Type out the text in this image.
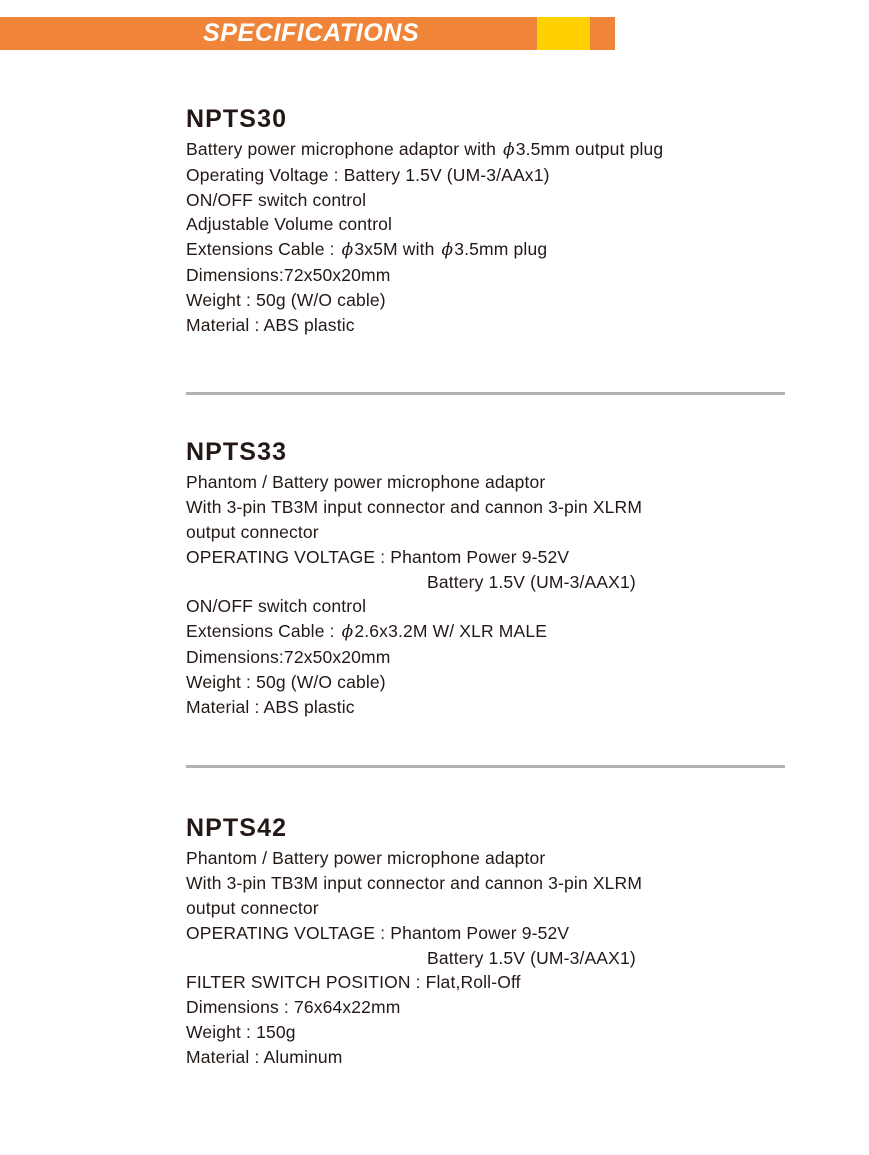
SPECIFICATIONS
NPTS30
Battery power microphone adaptor with ϕ3.5mm output plug
Operating Voltage : Battery 1.5V (UM-3/AAx1)
ON/OFF switch control
Adjustable Volume control
Extensions Cable : ϕ3x5M with ϕ3.5mm plug
Dimensions:72x50x20mm
Weight : 50g (W/O cable)
Material : ABS plastic
NPTS33
Phantom / Battery power microphone adaptor
With 3-pin TB3M input connector and cannon 3-pin XLRM
output connector
OPERATING VOLTAGE : Phantom Power 9-52V
Battery 1.5V (UM-3/AAX1)
ON/OFF switch control
Extensions Cable : ϕ2.6x3.2M W/ XLR MALE
Dimensions:72x50x20mm
Weight : 50g (W/O cable)
Material : ABS plastic
NPTS42
Phantom / Battery power microphone adaptor
With 3-pin TB3M input connector and cannon 3-pin XLRM
output connector
OPERATING VOLTAGE : Phantom Power 9-52V
Battery 1.5V (UM-3/AAX1)
FILTER SWITCH POSITION : Flat,Roll-Off
Dimensions : 76x64x22mm
Weight : 150g
Material : Aluminum
